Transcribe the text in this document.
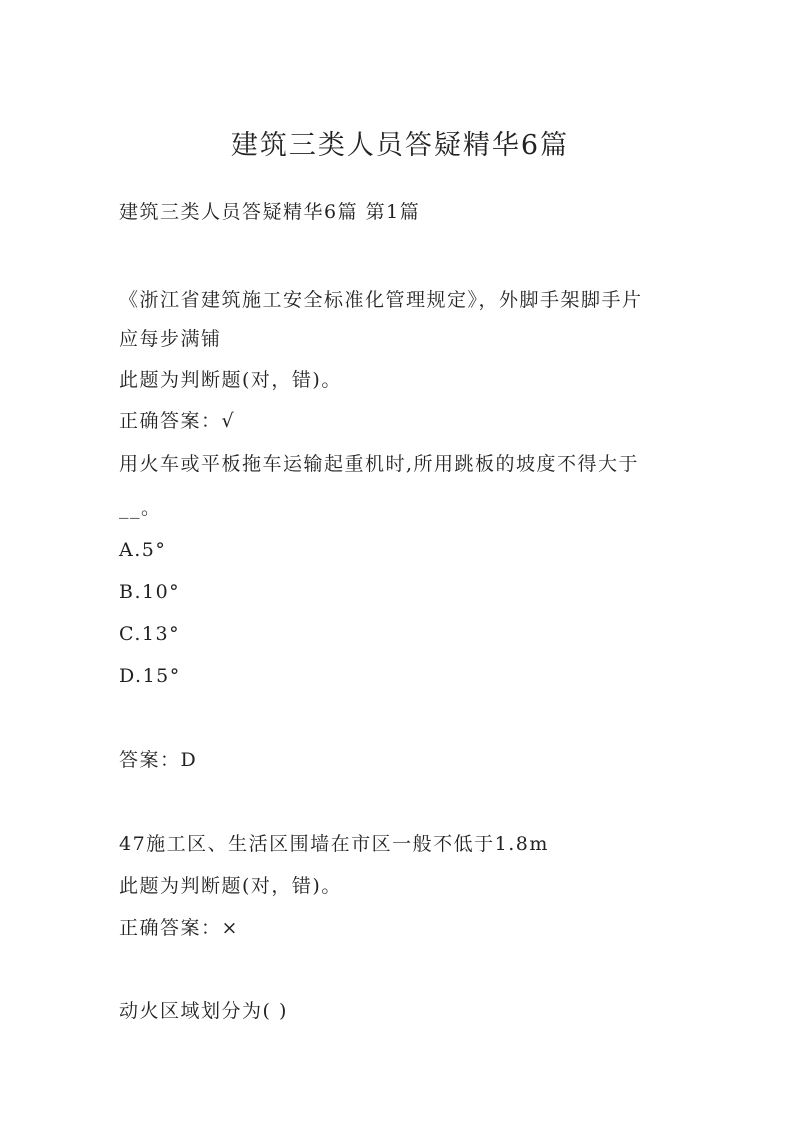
建筑三类人员答疑精华6篇
建筑三类人员答疑精华6篇 第1篇
《浙江省建筑施工安全标准化管理规定》，外脚手架脚手片
应每步满铺
此题为判断题(对，错)。
正确答案：√
用火车或平板拖车运输起重机时,所用跳板的坡度不得大于
__。
A.5°
B.10°
C.13°
D.15°
答案：D
47施工区、生活区围墙在市区一般不低于1.8m
此题为判断题(对，错)。
正确答案：×
动火区域划分为( )
